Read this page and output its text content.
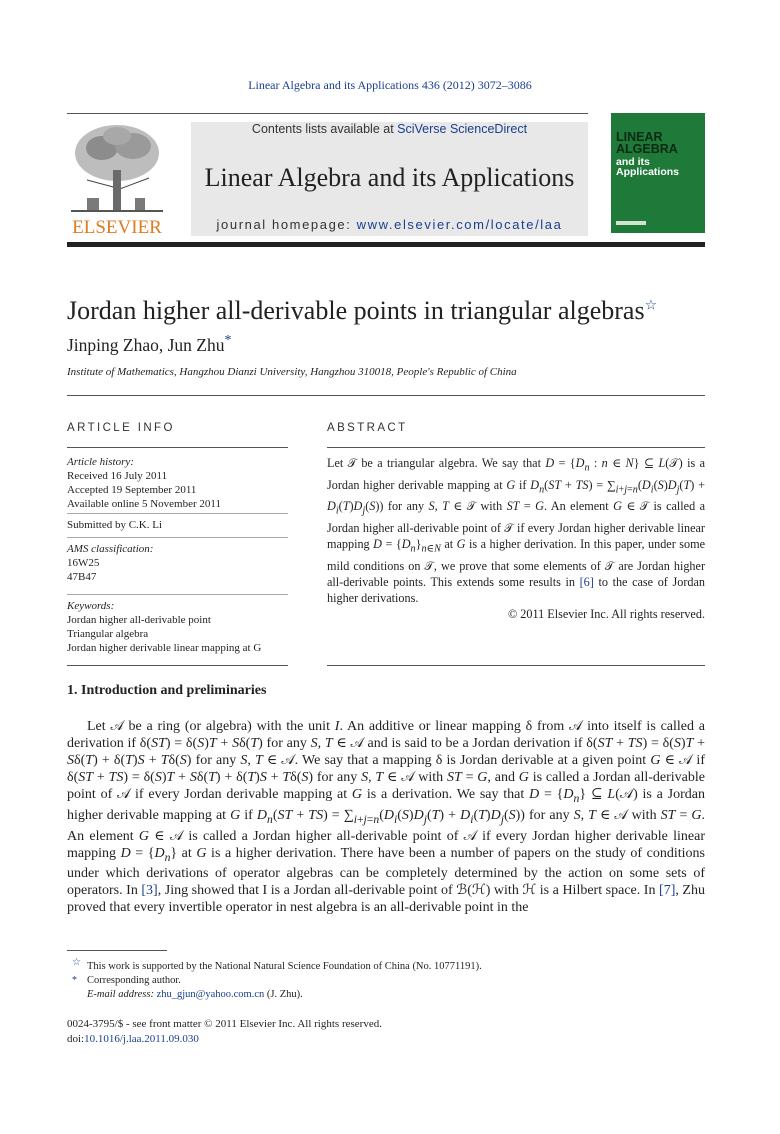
Linear Algebra and its Applications 436 (2012) 3072–3086
ELSEVIER
Contents lists available at SciVerse ScienceDirect
Linear Algebra and its Applications
journal homepage: www.elsevier.com/locate/laa
LINEAR
ALGEBRA
and its
Applications
Jordan higher all-derivable points in triangular algebras☆
Jinping Zhao, Jun Zhu*
Institute of Mathematics, Hangzhou Dianzi University, Hangzhou 310018, People's Republic of China
ARTICLE INFO
Article history:
Received 16 July 2011
Accepted 19 September 2011
Available online 5 November 2011
Submitted by C.K. Li
AMS classification:
16W25
47B47
Keywords:
Jordan higher all-derivable point
Triangular algebra
Jordan higher derivable linear mapping at G
ABSTRACT

Let 𝒯 be a triangular algebra. We say that $D = \{D_n$ : n ∈ N} ⊆ L(𝒯) is a Jordan higher derivable mapping at G if $D_n(ST + TS) = \sum_{i+j=n}(D_i(S)D_j(T) + D_i(T)D_j(S))$ for any S, T ∈ 𝒯 with ST = G. An element G ∈ 𝒯 is called a Jordan higher all-derivable point of 𝒯 if every Jordan higher derivable linear mapping $D = \{D_n\}_{n\in N}$ at G is a higher derivation. In this paper, under some mild conditions on 𝒯, we prove that some elements of 𝒯 are Jordan higher all-derivable points. This extends some results in [6] to the case of Jordan higher derivations.

© 2011 Elsevier Inc. All rights reserved.

1. Introduction and preliminaries

Let 𝒜 be a ring (or algebra) with the unit I. An additive or linear mapping δ from 𝒜 into itself is called a derivation if δ(ST) = δ(S)T + Sδ(T) for any S, T ∈ 𝒜 and is said to be a Jordan derivation if δ(ST + TS) = δ(S)T + Sδ(T) + δ(T)S + Tδ(S) for any S, T ∈ 𝒜. We say that a mapping δ is Jordan derivable at a given point G ∈ 𝒜 if δ(ST + TS) = δ(S)T + Sδ(T) + δ(T)S + Tδ(S) for any S, T ∈ 𝒜 with ST = G, and G is called a Jordan all-derivable point of 𝒜 if every Jordan derivable mapping at G is a derivation. We say that $D = \{D_n\}$ ⊆ L(𝒜) is a Jordan higher derivable mapping at G if $D_n(ST + TS) = \sum_{i+j=n}(D_i(S)D_j(T) + D_i(T)D_j(S))$ for any S, T ∈ 𝒜 with ST = G. An element G ∈ 𝒜 is called a Jordan higher all-derivable point of 𝒜 if every Jordan higher derivable linear mapping $D = \{D_n\}$ at G is a higher derivation. There have been a number of papers on the study of conditions under which derivations of operator algebras can be completely determined by the action on some sets of operators. In [3], Jing showed that I is a Jordan all-derivable point of ℬ(ℋ) with ℋ is a Hilbert space. In [7], Zhu proved that every invertible operator in nest algebra is an all-derivable point in the

☆ This work is supported by the National Natural Science Foundation of China (No. 10771191).
* Corresponding author.
E-mail address: zhu_gjun@yahoo.com.cn (J. Zhu).
0024-3795/$ - see front matter © 2011 Elsevier Inc. All rights reserved.
doi:10.1016/j.laa.2011.09.030
